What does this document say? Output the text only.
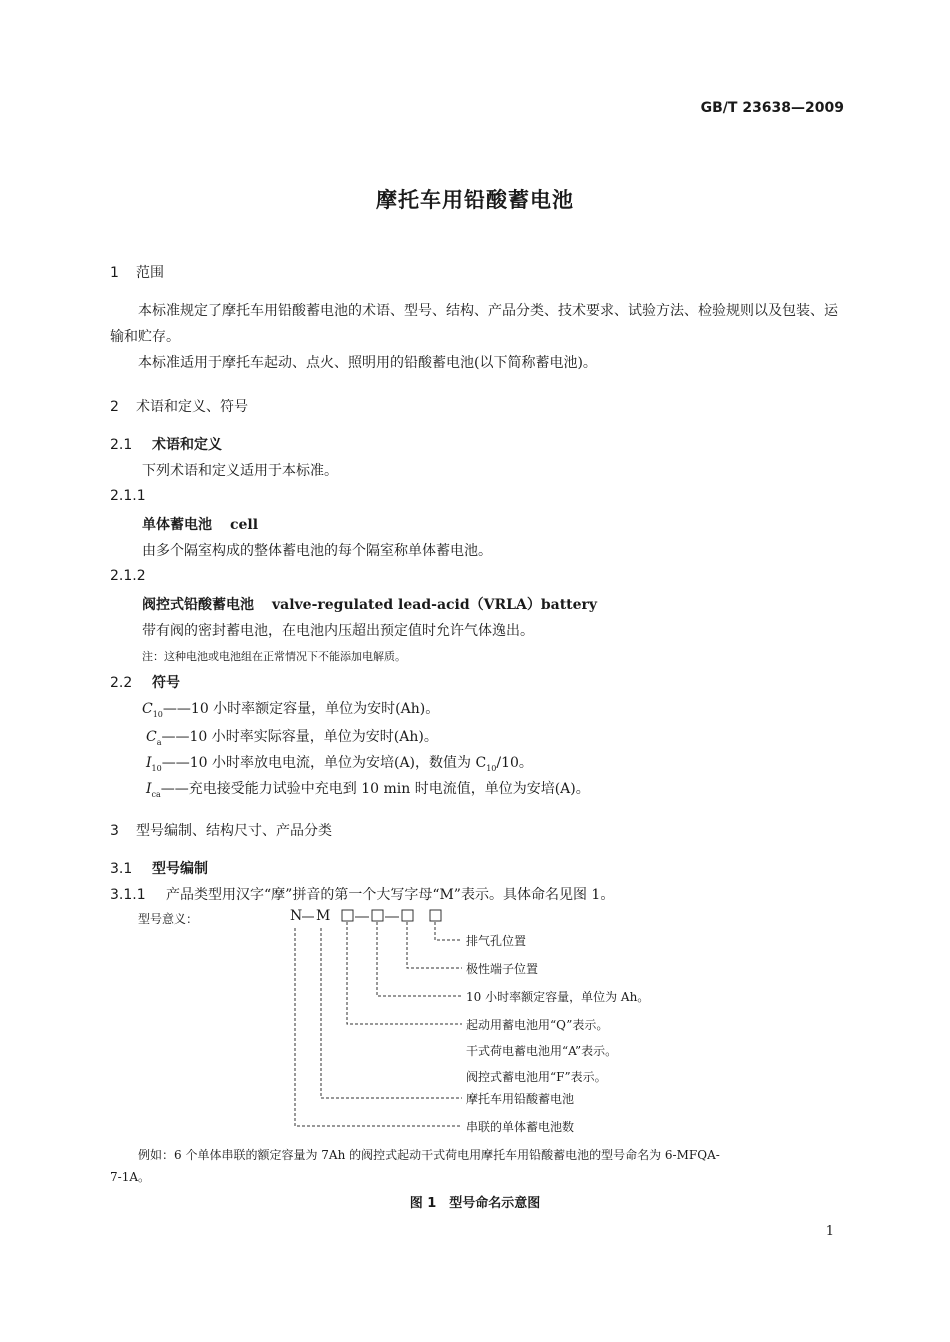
GB/T 23638—2009
摩托车用铅酸蓄电池
1 范围
本标准规定了摩托车用铅酸蓄电池的术语、型号、结构、产品分类、技术要求、试验方法、检验规则以及包装、运输和贮存。
本标准适用于摩托车起动、点火、照明用的铅酸蓄电池(以下简称蓄电池)。
2 术语和定义、符号
2.1 术语和定义
下列术语和定义适用于本标准。
2.1.1
单体蓄电池 cell
由多个隔室构成的整体蓄电池的每个隔室称单体蓄电池。
2.1.2
阀控式铅酸蓄电池 valve-regulated lead-acid（VRLA）battery
带有阀的密封蓄电池，在电池内压超出预定值时允许气体逸出。
注：这种电池或电池组在正常情况下不能添加电解质。
2.2 符号
$C_{10}——10$ 小时率额定容量，单位为安时(Ah)。
$C_a——10$ 小时率实际容量，单位为安时(Ah)。
$I_{10}——10$ 小时率放电电流，单位为安培(A)，数值为 $C_{10}/10$。
$I_{ca}——$充电接受能力试验中充电到 10 min 时电流值，单位为安培(A)。
3 型号编制、结构尺寸、产品分类
3.1 型号编制
3.1.1 产品类型用汉字“摩”拼音的第一个大写字母“M”表示。具体命名见图 1。
型号意义：	N M
排气孔位置
极性端子位置
10 小时率额定容量，单位为 Ah。
起动用蓄电池用“Q”表示。
干式荷电蓄电池用“A”表示。
阀控式蓄电池用“F”表示。
摩托车用铅酸蓄电池
串联的单体蓄电池数
例如：6 个单体串联的额定容量为 7Ah 的阀控式起动干式荷电用摩托车用铅酸蓄电池的型号命名为 6-MFQA-
7-1A。
图 1　型号命名示意图
1
